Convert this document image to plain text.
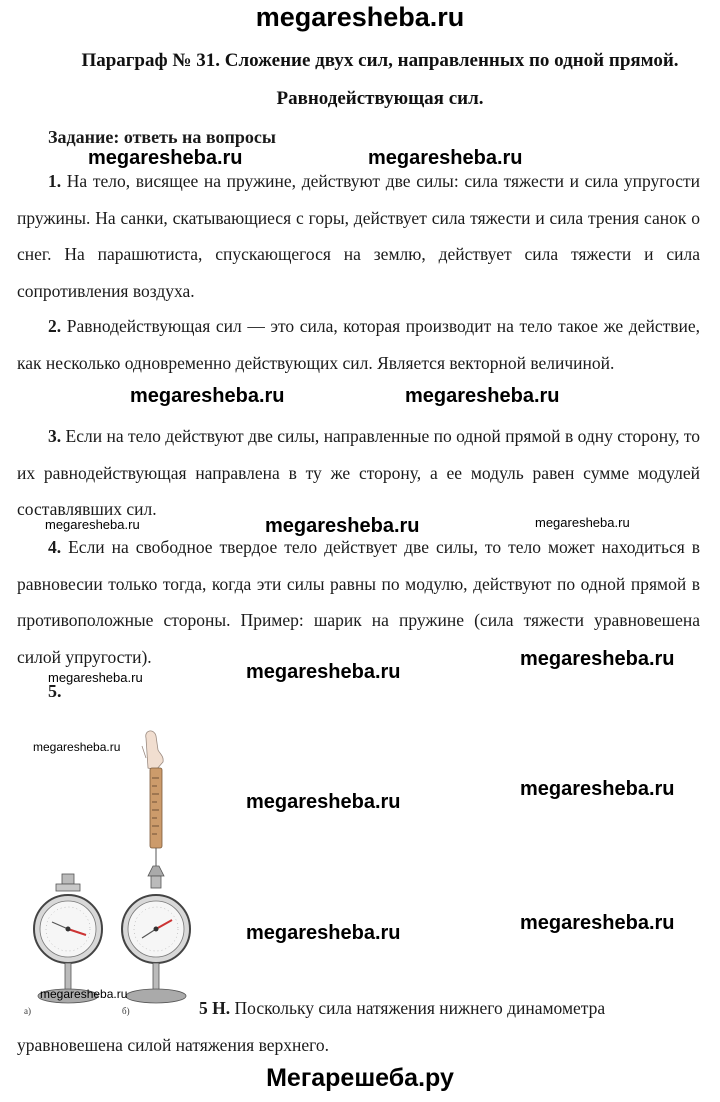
megaresheba.ru
Параграф № 31. Сложение двух сил, направленных по одной прямой.
Равнодействующая сил.
Задание: ответь на вопросы
megaresheba.ru	megaresheba.ru
megaresheba.ru	megaresheba.ru
megaresheba.ru	megaresheba.ru	megaresheba.ru
megaresheba.ru
megaresheba.ru	megaresheba.ru
megaresheba.ru
megaresheba.ru
megaresheba.ru
megaresheba.ru
1. На тело, висящее на пружине, действуют две силы: сила тяжести и сила упругости пружины. На санки, скатывающиеся с горы, действует сила тяжести и сила трения санок о снег. На парашютиста, спускающегося на землю, действует сила тяжести и сила сопротивления воздуха.
2. Равнодействующая сил — это сила, которая производит на тело такое же действие, как несколько одновременно действующих сил. Является векторной величиной.
3. Если на тело действуют две силы, направленные по одной прямой в одну сторону, то их равнодействующая направлена в ту же сторону, а ее модуль равен сумме модулей составлявших сил.
4. Если на свободное твердое тело действует две силы, то тело может находиться в равновесии только тогда, когда эти силы равны по модулю, действуют по одной прямой в противоположные стороны. Пример: шарик на пружине (сила тяжести уравновешена силой упругости).
5.
а)	б)
megaresheba.ru
megaresheba.ru
5 Н. Поскольку сила натяжения нижнего динамометра уравновешена силой натяжения верхнего.
Мегарешеба.ру
